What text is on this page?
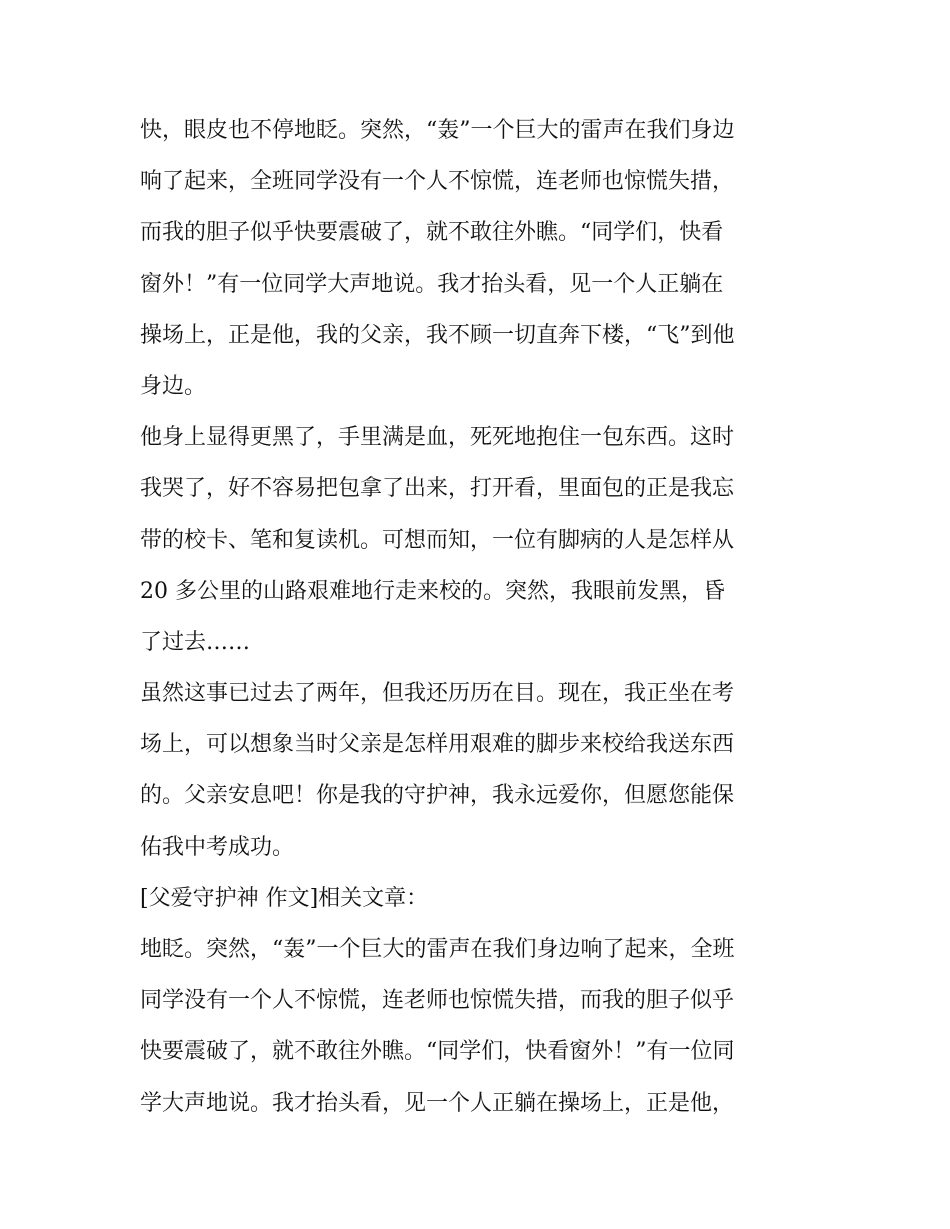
快，眼皮也不停地眨。突然，“轰”一个巨大的雷声在我们身边
响了起来，全班同学没有一个人不惊慌，连老师也惊慌失措，
而我的胆子似乎快要震破了，就不敢往外瞧。“同学们，快看
窗外！”有一位同学大声地说。我才抬头看，见一个人正躺在
操场上，正是他，我的父亲，我不顾一切直奔下楼，“飞”到他
身边。
他身上显得更黑了，手里满是血，死死地抱住一包东西。这时
我哭了，好不容易把包拿了出来，打开看，里面包的正是我忘
带的校卡、笔和复读机。可想而知，一位有脚病的人是怎样从
20 多公里的山路艰难地行走来校的。突然，我眼前发黑，昏
了过去……
虽然这事已过去了两年，但我还历历在目。现在，我正坐在考
场上，可以想象当时父亲是怎样用艰难的脚步来校给我送东西
的。父亲安息吧！你是我的守护神，我永远爱你，但愿您能保
佑我中考成功。
[父爱守护神 作文]相关文章：
地眨。突然，“轰”一个巨大的雷声在我们身边响了起来，全班
同学没有一个人不惊慌，连老师也惊慌失措，而我的胆子似乎
快要震破了，就不敢往外瞧。“同学们，快看窗外！”有一位同
学大声地说。我才抬头看，见一个人正躺在操场上，正是他，
